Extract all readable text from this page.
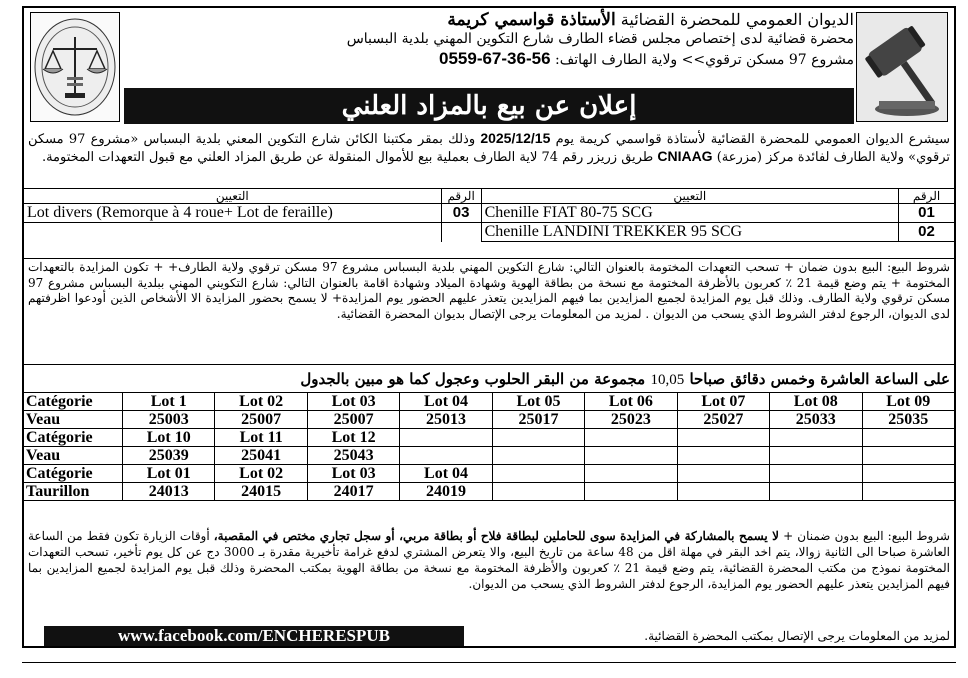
الديوان العمومي للمحضرة القضائية الأستاذة قواسمي كريمة
محضرة قضائية لدى إختصاص مجلس قضاء الطارف شارع التكوين المهني بلدية البسباس
مشروع 97 مسكن ترقوي>> ولاية الطارف الهاتف: 0559-67-36-56
إعلان عن بيع بالمزاد العلني
سيشرع الديوان العمومي للمحضرة القضائية لأستاذة قواسمي كريمة يوم 2025/12/15 وذلك بمقر مكتبنا الكائن شارع التكوين المعني بلدية البسباس «مشروع 97 مسكن ترقوي» ولاية الطارف لفائدة مركز (مزرعة) CNIAAG طريق زريزر رقم 74 لاية الطارف بعملية بيع للأموال المنقولة عن طريق المزاد العلني مع قبول التعهدات المختومة.
التعيين	الرقم	التعيين	الرقم
Lot divers (Remorque à 4 roue+ Lot de feraille)	03	Chenille FIAT 80-75 SCG	01
		Chenille LANDINI TREKKER 95 SCG	02
شروط البيع: البيع بدون ضمان + تسحب التعهدات المختومة بالعنوان التالي: شارع التكوين المهني بلدية البسباس مشروع 97 مسكن ترقوي ولاية الطارف+ + تكون المزايدة بالتعهدات المختومة + يتم وضع قيمة 21 ٪ كعربون بالأظرفة المختومة مع نسخة من بطاقة الهوية وشهادة الميلاد وشهادة اقامة بالعنوان التالي: شارع التكويني المهني ببلدية البسباس مشروع 97 مسكن ترقوي ولاية الطارف. وذلك قبل يوم المزايدة لجميع المزايدين بما فيهم المزايدين يتعذر عليهم الحضور يوم المزايدة+ لا يسمح بحضور المزايدة الا الأشخاص الذين أودعوا اظرفتهم لدى الديوان، الرجوع لدفتر الشروط الذي يسحب من الديوان . لمزيد من المعلومات يرجى الإتصال بديوان المحضرة القضائية.
على الساعة العاشرة وخمس دقائق صباحا 10,05 مجموعة من البقر الحلوب وعجول كما هو مبين بالجدول
Catégorie	Lot 1	Lot 02	Lot 03	Lot 04	Lot 05	Lot 06	Lot 07	Lot 08	Lot 09
Veau	25003	25007	25007	25013	25017	25023	25027	25033	25035
Catégorie	Lot 10	Lot 11	Lot 12						
Veau	25039	25041	25043						
Catégorie	Lot 01	Lot 02	Lot 03	Lot 04					
Taurillon	24013	24015	24017	24019					
شروط البيع: البيع بدون ضمنان + لا يسمح بالمشاركة في المزايدة سوى للحاملين لبطاقة فلاح أو بطاقة مربي، أو سجل تجاري مختص في المقصبة، أوقات الزيارة تكون فقط من الساعة العاشرة صباحا الى الثانية زوالا، يتم اخد البقر في مهلة اقل من 48 ساعة من تاريخ البيع، والا يتعرض المشتري لدفع غرامة تأخيرية مقدرة بـ 3000 دج عن كل يوم تأخير، تسحب التعهدات المختومة نموذج من مكتب المحضرة القضائية، يتم وضع قيمة 21 ٪ كعربون والأظرفة المختومة مع نسخة من بطاقة الهوية بمكتب المحضرة وذلك قبل يوم المزايدة لجميع المزايدين بما فيهم المزايدين يتعذر عليهم الحضور يوم المزايدة، الرجوع لدفتر الشروط الذي يسحب من الديوان.
www.facebook.com/ENCHERESPUB	لمزيد من المعلومات يرجى الإتصال بمكتب المحضرة القضائية.
